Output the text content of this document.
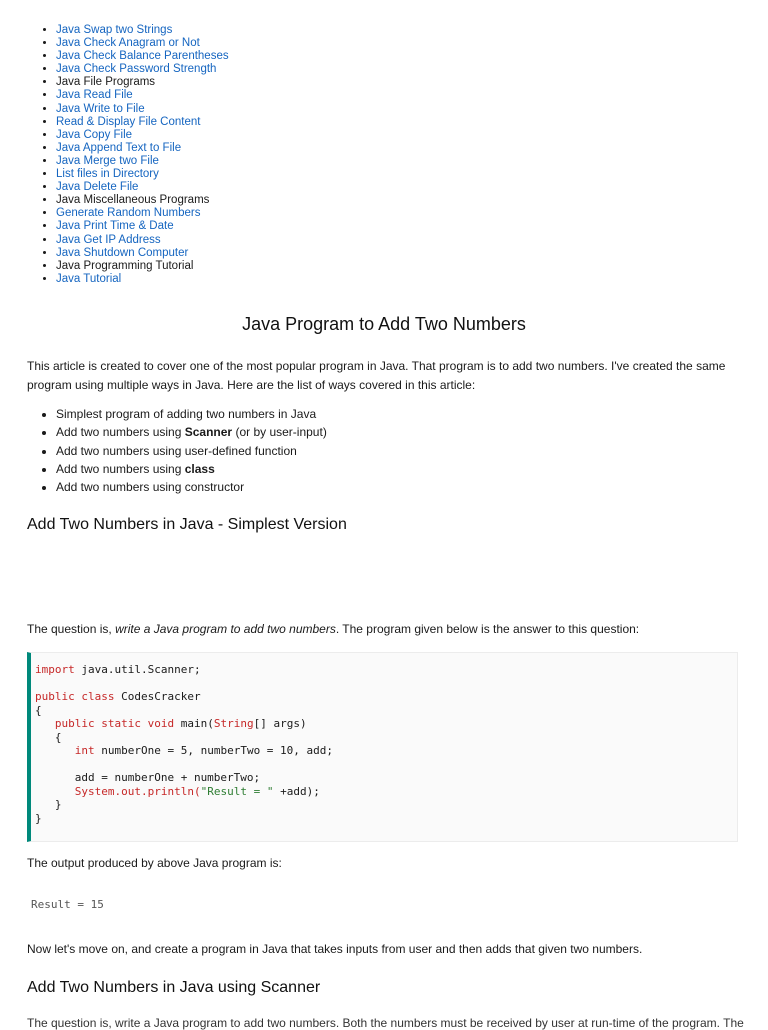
• Java Swap two Strings
• Java Check Anagram or Not
• Java Check Balance Parentheses
• Java Check Password Strength
• Java File Programs
• Java Read File
• Java Write to File
• Read & Display File Content
• Java Copy File
• Java Append Text to File
• Java Merge two File
• List files in Directory
• Java Delete File
• Java Miscellaneous Programs
• Generate Random Numbers
• Java Print Time & Date
• Java Get IP Address
• Java Shutdown Computer
• Java Programming Tutorial
• Java Tutorial
Java Program to Add Two Numbers

This article is created to cover one of the most popular program in Java. That program is to add two numbers. I've created the same program using multiple ways in Java. Here are the list of ways covered in this article:

• Simplest program of adding two numbers in Java
• Add two numbers using Scanner (or by user-input)
• Add two numbers using user-defined function
• Add two numbers using class
• Add two numbers using constructor
Add Two Numbers in Java - Simplest Version

The question is, write a Java program to add two numbers. The program given below is the answer to this question:

import java.util.Scanner;
public class CodesCracker
{
public static void main(String[] args)
{
int numberOne = 5, numberTwo = 10, add;
add = numberOne + numberTwo;
System.out.println("Result = " +add);
}
}

The output produced by above Java program is:

Result = 15

Now let's move on, and create a program in Java that takes inputs from user and then adds that given two numbers.

Add Two Numbers in Java using Scanner
The question is, write a Java program to add two numbers. Both the numbers must be received by user at run-time of the program. The
